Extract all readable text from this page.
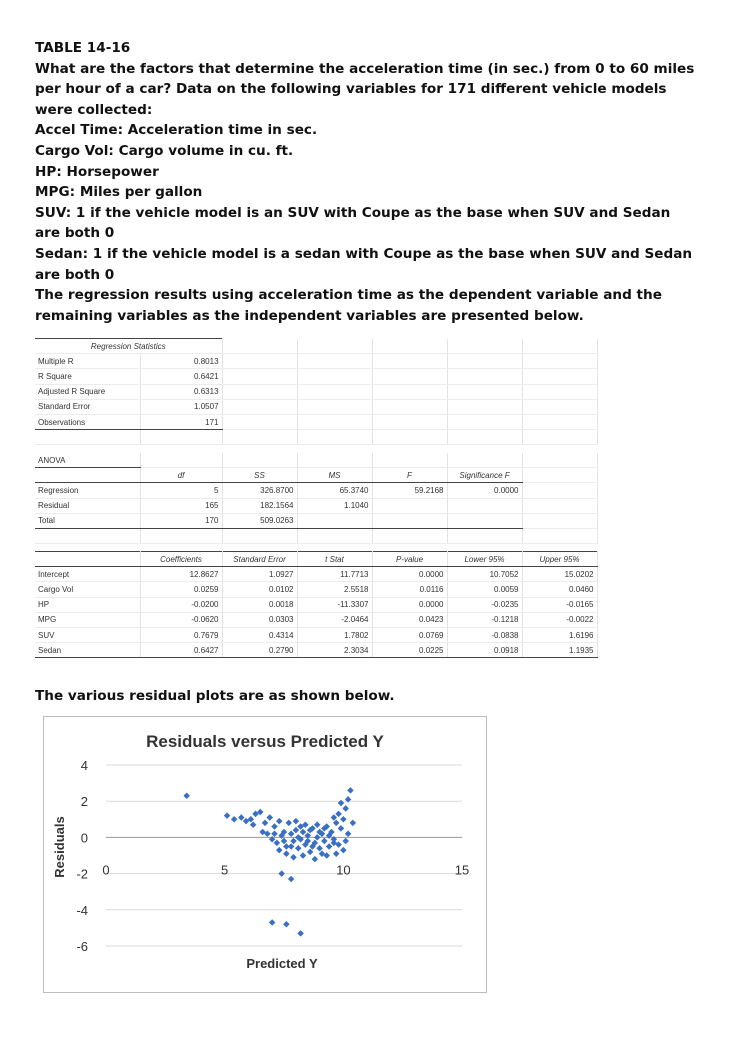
TABLE 14-16
What are the factors that determine the acceleration time (in sec.) from 0 to 60 miles per hour of a car? Data on the following variables for 171 different vehicle models were collected:
Accel Time: Acceleration time in sec.
Cargo Vol: Cargo volume in cu. ft.
HP: Horsepower
MPG: Miles per gallon
SUV: 1 if the vehicle model is an SUV with Coupe as the base when SUV and Sedan are both 0
Sedan: 1 if the vehicle model is a sedan with Coupe as the base when SUV and Sedan are both 0
The regression results using acceleration time as the dependent variable and the remaining variables as the independent variables are presented below.
Regression Statistics						
Multiple R	0.8013					
R Square	0.6421					
Adjusted R Square	0.6313					
Standard Error	1.0507					
Observations	171					

ANOVA						
	df	SS	MS	F	Significance F	
Regression	5	326.8700	65.3740	59.2168	0.0000	
Residual	165	182.1564	1.1040			
Total	170	509.0263				

	Coefficients	Standard Error	t Stat	P-value	Lower 95%	Upper 95%
Intercept	12.8627	1.0927	11.7713	0.0000	10.7052	15.0202
Cargo Vol	0.0259	0.0102	2.5518	0.0116	0.0059	0.0460
HP	-0.0200	0.0018	-11.3307	0.0000	-0.0235	-0.0165
MPG	-0.0620	0.0303	-2.0464	0.0423	-0.1218	-0.0022
SUV	0.7679	0.4314	1.7802	0.0769	-0.0838	1.6196
Sedan	0.6427	0.2790	2.3034	0.0225	0.0918	1.1935
The various residual plots are as shown below.
Residuals versus Predicted Y
4
2
0
-2
-4
-6
0	5	10	15
Predicted Y
Residuals
